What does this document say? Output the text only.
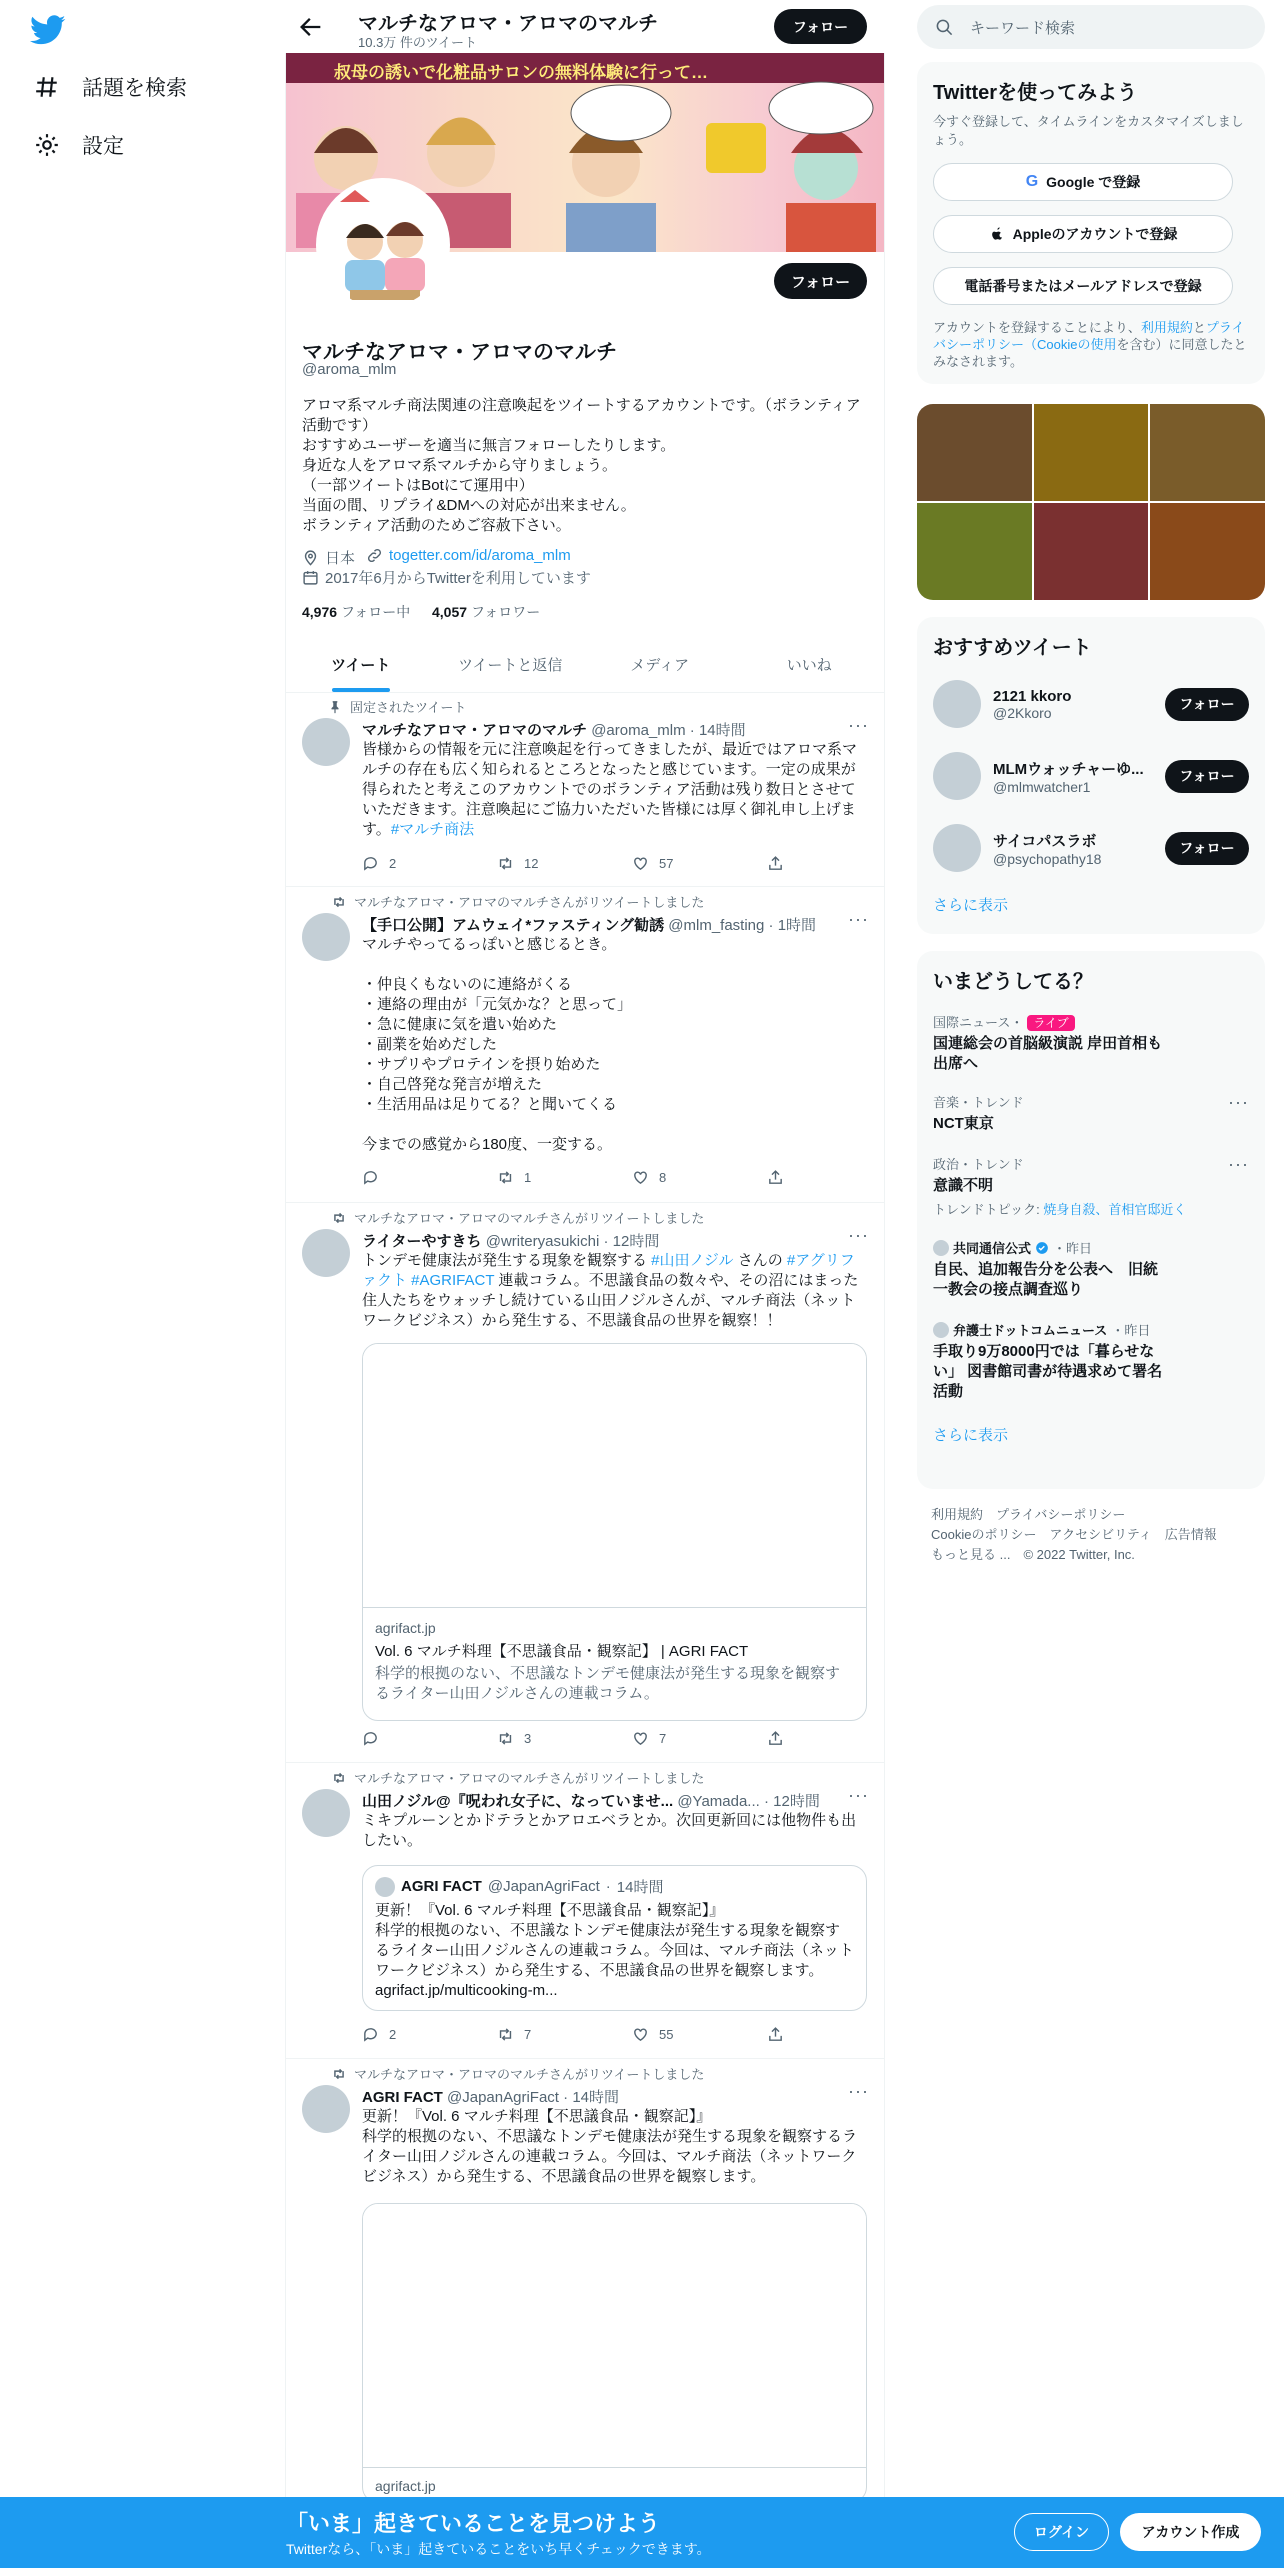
話題を検索
設定
マルチなアロマ・アロマのマルチ
10.3万 件のツイート
フォロー
叔母の誘いで化粧品サロンの無料体験に行って…
フォロー
マルチなアロマ・アロマのマルチ
@aroma_mlm
アロマ系マルチ商法関連の注意喚起をツイートするアカウントです。（ボランティア活動です）
おすすめユーザーを適当に無言フォローしたりします。
身近な人をアロマ系マルチから守りましょう。
（一部ツイートはBotにて運用中）
当面の間、リプライ&DMへの対応が出来ません。
ボランティア活動のためご容赦下さい。
日本 togetter.com/id/aroma_mlm
2017年6月からTwitterを利用しています
4,976 フォロー中 4,057 フォロワー
ツイート	ツイートと返信	メディア	いいね
固定されたツイート
マルチなアロマ・アロマのマルチ @aroma_mlm · 14時間	···
皆様からの情報を元に注意喚起を行ってきましたが、最近ではアロマ系マルチの存在も広く知られるところとなったと感じています。一定の成果が得られたと考えこのアカウントでのボランティア活動は残り数日とさせていただきます。注意喚起にご協力いただいた皆様には厚く御礼申し上げます。#マルチ商法
2	12	57
マルチなアロマ・アロマのマルチさんがリツイートしました
【手口公開】アムウェイ*ファスティング勧誘 @mlm_fasting · 1時間	···
マルチやってるっぽいと感じるとき。

・仲良くもないのに連絡がくる
・連絡の理由が「元気かな？と思って」
・急に健康に気を遣い始めた
・副業を始めだした
・サプリやプロテインを摂り始めた
・自己啓発な発言が増えた
・生活用品は足りてる？と聞いてくる

今までの感覚から180度、一変する。
1	8
マルチなアロマ・アロマのマルチさんがリツイートしました
ライターやすきち @writeryasukichi · 12時間	···
トンデモ健康法が発生する現象を観察する #山田ノジル さんの #アグリファクト #AGRIFACT 連載コラム。不思議食品の数々や、その沼にはまった住人たちをウォッチし続けている山田ノジルさんが、マルチ商法（ネットワークビジネス）から発生する、不思議食品の世界を観察！！
agrifact.jp
Vol. 6 マルチ料理【不思議食品・観察記】 | AGRI FACT
科学的根拠のない、不思議なトンデモ健康法が発生する現象を観察するライター山田ノジルさんの連載コラム。
3	7
マルチなアロマ・アロマのマルチさんがリツイートしました
山田ノジル@『呪われ女子に、なっていませ... @Yamada... · 12時間	···
ミキプルーンとかドテラとかアロエベラとか。次回更新回には他物件も出したい。
AGRI FACT @JapanAgriFact · 14時間
更新！『Vol. 6 マルチ料理【不思議食品・観察記】』
科学的根拠のない、不思議なトンデモ健康法が発生する現象を観察するライター山田ノジルさんの連載コラム。今回は、マルチ商法（ネットワークビジネス）から発生する、不思議食品の世界を観察します。
agrifact.jp/multicooking-m...
2	7	55
マルチなアロマ・アロマのマルチさんがリツイートしました
AGRI FACT @JapanAgriFact · 14時間	···
更新！『Vol. 6 マルチ料理【不思議食品・観察記】』
科学的根拠のない、不思議なトンデモ健康法が発生する現象を観察するライター山田ノジルさんの連載コラム。今回は、マルチ商法（ネットワークビジネス）から発生する、不思議食品の世界を観察します。
agrifact.jp
キーワード検索
Twitterを使ってみよう
今すぐ登録して、タイムラインをカスタマイズしましょう。
G Google で登録
Appleのアカウントで登録
電話番号またはメールアドレスで登録
アカウントを登録することにより、利用規約とプライバシーポリシー（Cookieの使用を含む）に同意したとみなされます。
おすすめツイート
2121 kkoro
@2Kkoro
フォロー
MLMウォッチャーゆ...
@mlmwatcher1
フォロー
サイコパスラボ
@psychopathy18
フォロー
さらに表示
いまどうしてる？
国際ニュース・ ライブ
国連総会の首脳級演説 岸田首相も
出席へ
音楽・トレンド
NCT東京
···
政治・トレンド
意識不明
トレンドトピック: 焼身自殺、首相官邸近く
···
共同通信公式 ・昨日
自民、追加報告分を公表へ　旧統
一教会の接点調査巡り
弁護士ドットコムニュース ・昨日
手取り9万8000円では「暮らせな
い」 図書館司書が待遇求めて署名
活動
さらに表示
利用規約　プライバシーポリシー
Cookieのポリシー　アクセシビリティ　広告情報
もっと見る ...　© 2022 Twitter, Inc.
「いま」起きていることを見つけよう
Twitterなら、「いま」起きていることをいち早くチェックできます。
ログイン	アカウント作成
